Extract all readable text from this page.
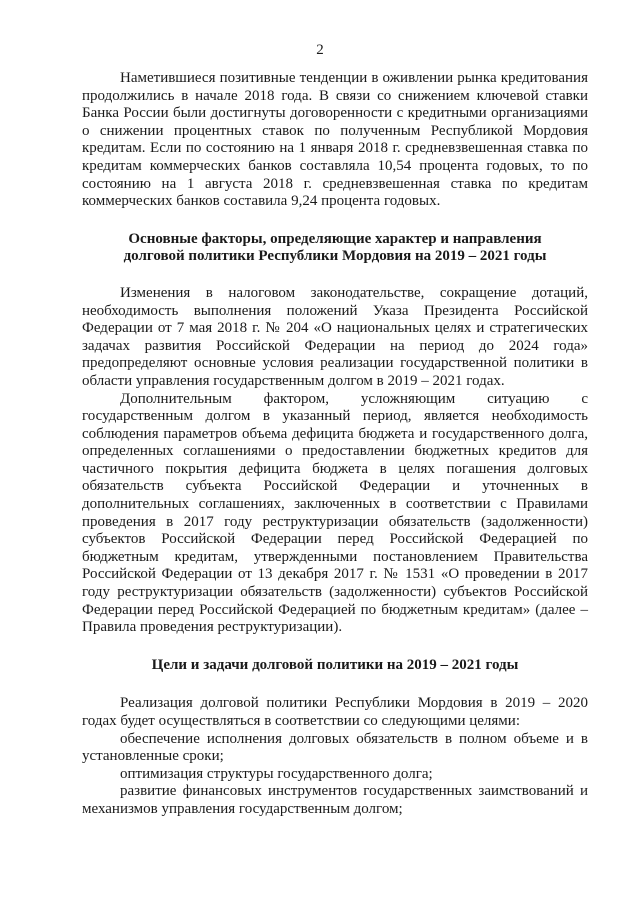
2

Наметившиеся позитивные тенденции в оживлении рынка кредитования продолжились в начале 2018 года. В связи со снижением ключевой ставки Банка России были достигнуты договоренности с кредитными организациями о снижении процентных ставок по полученным Республикой Мордовия кредитам. Если по состоянию на 1 января 2018 г. средневзвешенная ставка по кредитам коммерческих банков составляла 10,54 процента годовых, то по состоянию на 1 августа 2018 г. средневзвешенная ставка по кредитам коммерческих банков составила 9,24 процента годовых.

Основные факторы, определяющие характер и направления
долговой политики Республики Мордовия на 2019 – 2021 годы

Изменения в налоговом законодательстве, сокращение дотаций, необходимость выполнения положений Указа Президента Российской Федерации от 7 мая 2018 г. № 204 «О национальных целях и стратегических задачах развития Российской Федерации на период до 2024 года» предопределяют основные условия реализации государственной политики в области управления государственным долгом в 2019 – 2021 годах.

Дополнительным фактором, усложняющим ситуацию с государственным долгом в указанный период, является необходимость соблюдения параметров объема дефицита бюджета и государственного долга, определенных соглашениями о предоставлении бюджетных кредитов для частичного покрытия дефицита бюджета в целях погашения долговых обязательств субъекта Российской Федерации и уточненных в дополнительных соглашениях, заключенных в соответствии с Правилами проведения в 2017 году реструктуризации обязательств (задолженности) субъектов Российской Федерации перед Российской Федерацией по бюджетным кредитам, утвержденными постановлением Правительства Российской Федерации от 13 декабря 2017 г. № 1531 «О проведении в 2017 году реструктуризации обязательств (задолженности) субъектов Российской Федерации перед Российской Федерацией по бюджетным кредитам» (далее – Правила проведения реструктуризации).

Цели и задачи долговой политики на 2019 – 2021 годы

Реализация долговой политики Республики Мордовия в 2019 – 2020 годах будет осуществляться в соответствии со следующими целями:

обеспечение исполнения долговых обязательств в полном объеме и в установленные сроки;

оптимизация структуры государственного долга;

развитие финансовых инструментов государственных заимствований и механизмов управления государственным долгом;
